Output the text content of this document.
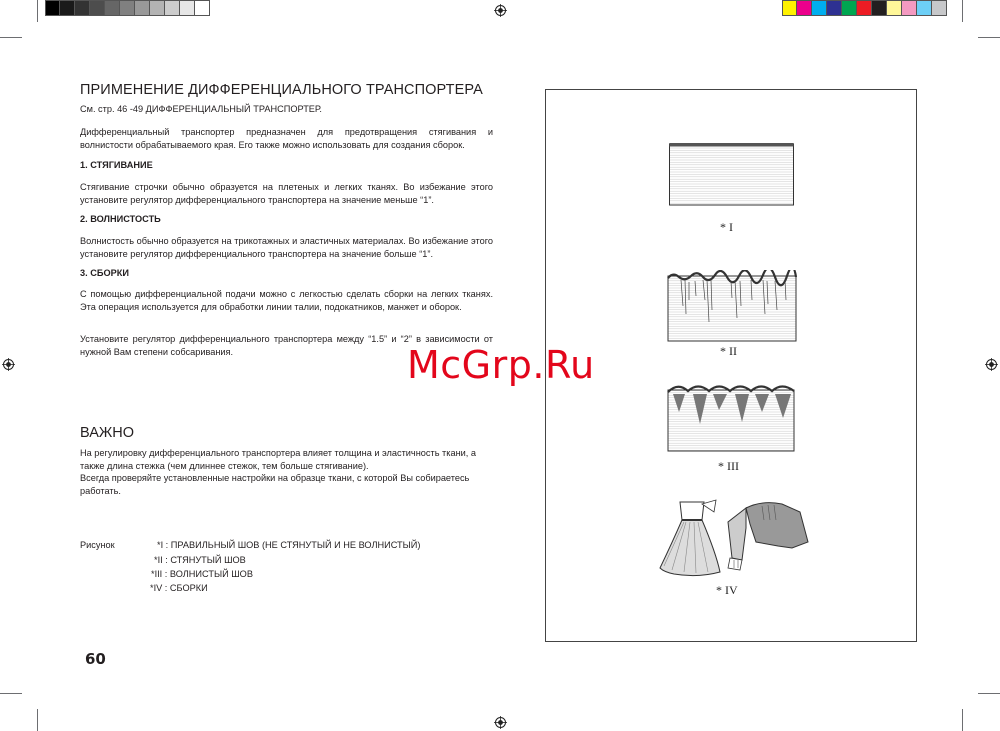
ПРИМЕНЕНИЕ ДИФФЕРЕНЦИАЛЬНОГО ТРАНСПОРТЕРА

См. стр. 46 -49 ДИФФЕРЕНЦИАЛЬНЫЙ ТРАНСПОРТЕР.

Дифференциальный транспортер предназначен для предотвращения стягивания и волнистости обрабатываемого края. Его также можно использовать для создания сборок.

1. СТЯГИВАНИЕ

Стягивание строчки обычно образуется на плетеных и легких тканях. Во избежание этого установите регулятор дифференциального транспортера на значение меньше “1”.

2. ВОЛНИСТОСТЬ

Волнистость обычно образуется на трикотажных и эластичных материалах. Во избежание этого установите регулятор дифференциального транспортера на значение больше “1”.

3. СБОРКИ

С помощью дифференциальной подачи можно с легкостью сделать сборки на легких тканях. Эта операция используется для обработки линии талии, подокатников, манжет и оборок.

Установите регулятор дифференциального транспортера между “1.5” и “2” в зависимости от нужной Вам степени собсаривания.

ВАЖНО

На регулировку дифференциального транспортера влияет толщина и эластичность ткани, а также длина стежка (чем длиннее стежок, тем больше стягивание).

Всегда проверяйте установленные настройки на образце ткани, с которой Вы собираетесь работать.

Рисунок	*I : ПРАВИЛЬНЫЙ ШОВ (НЕ СТЯНУТЫЙ И НЕ ВОЛНИСТЫЙ)
*II : СТЯНУТЫЙ ШОВ
*III : ВОЛНИСТЫЙ ШОВ
*IV : СБОРКИ
60
* I
* II
* III
* IV
McGrp.Ru
